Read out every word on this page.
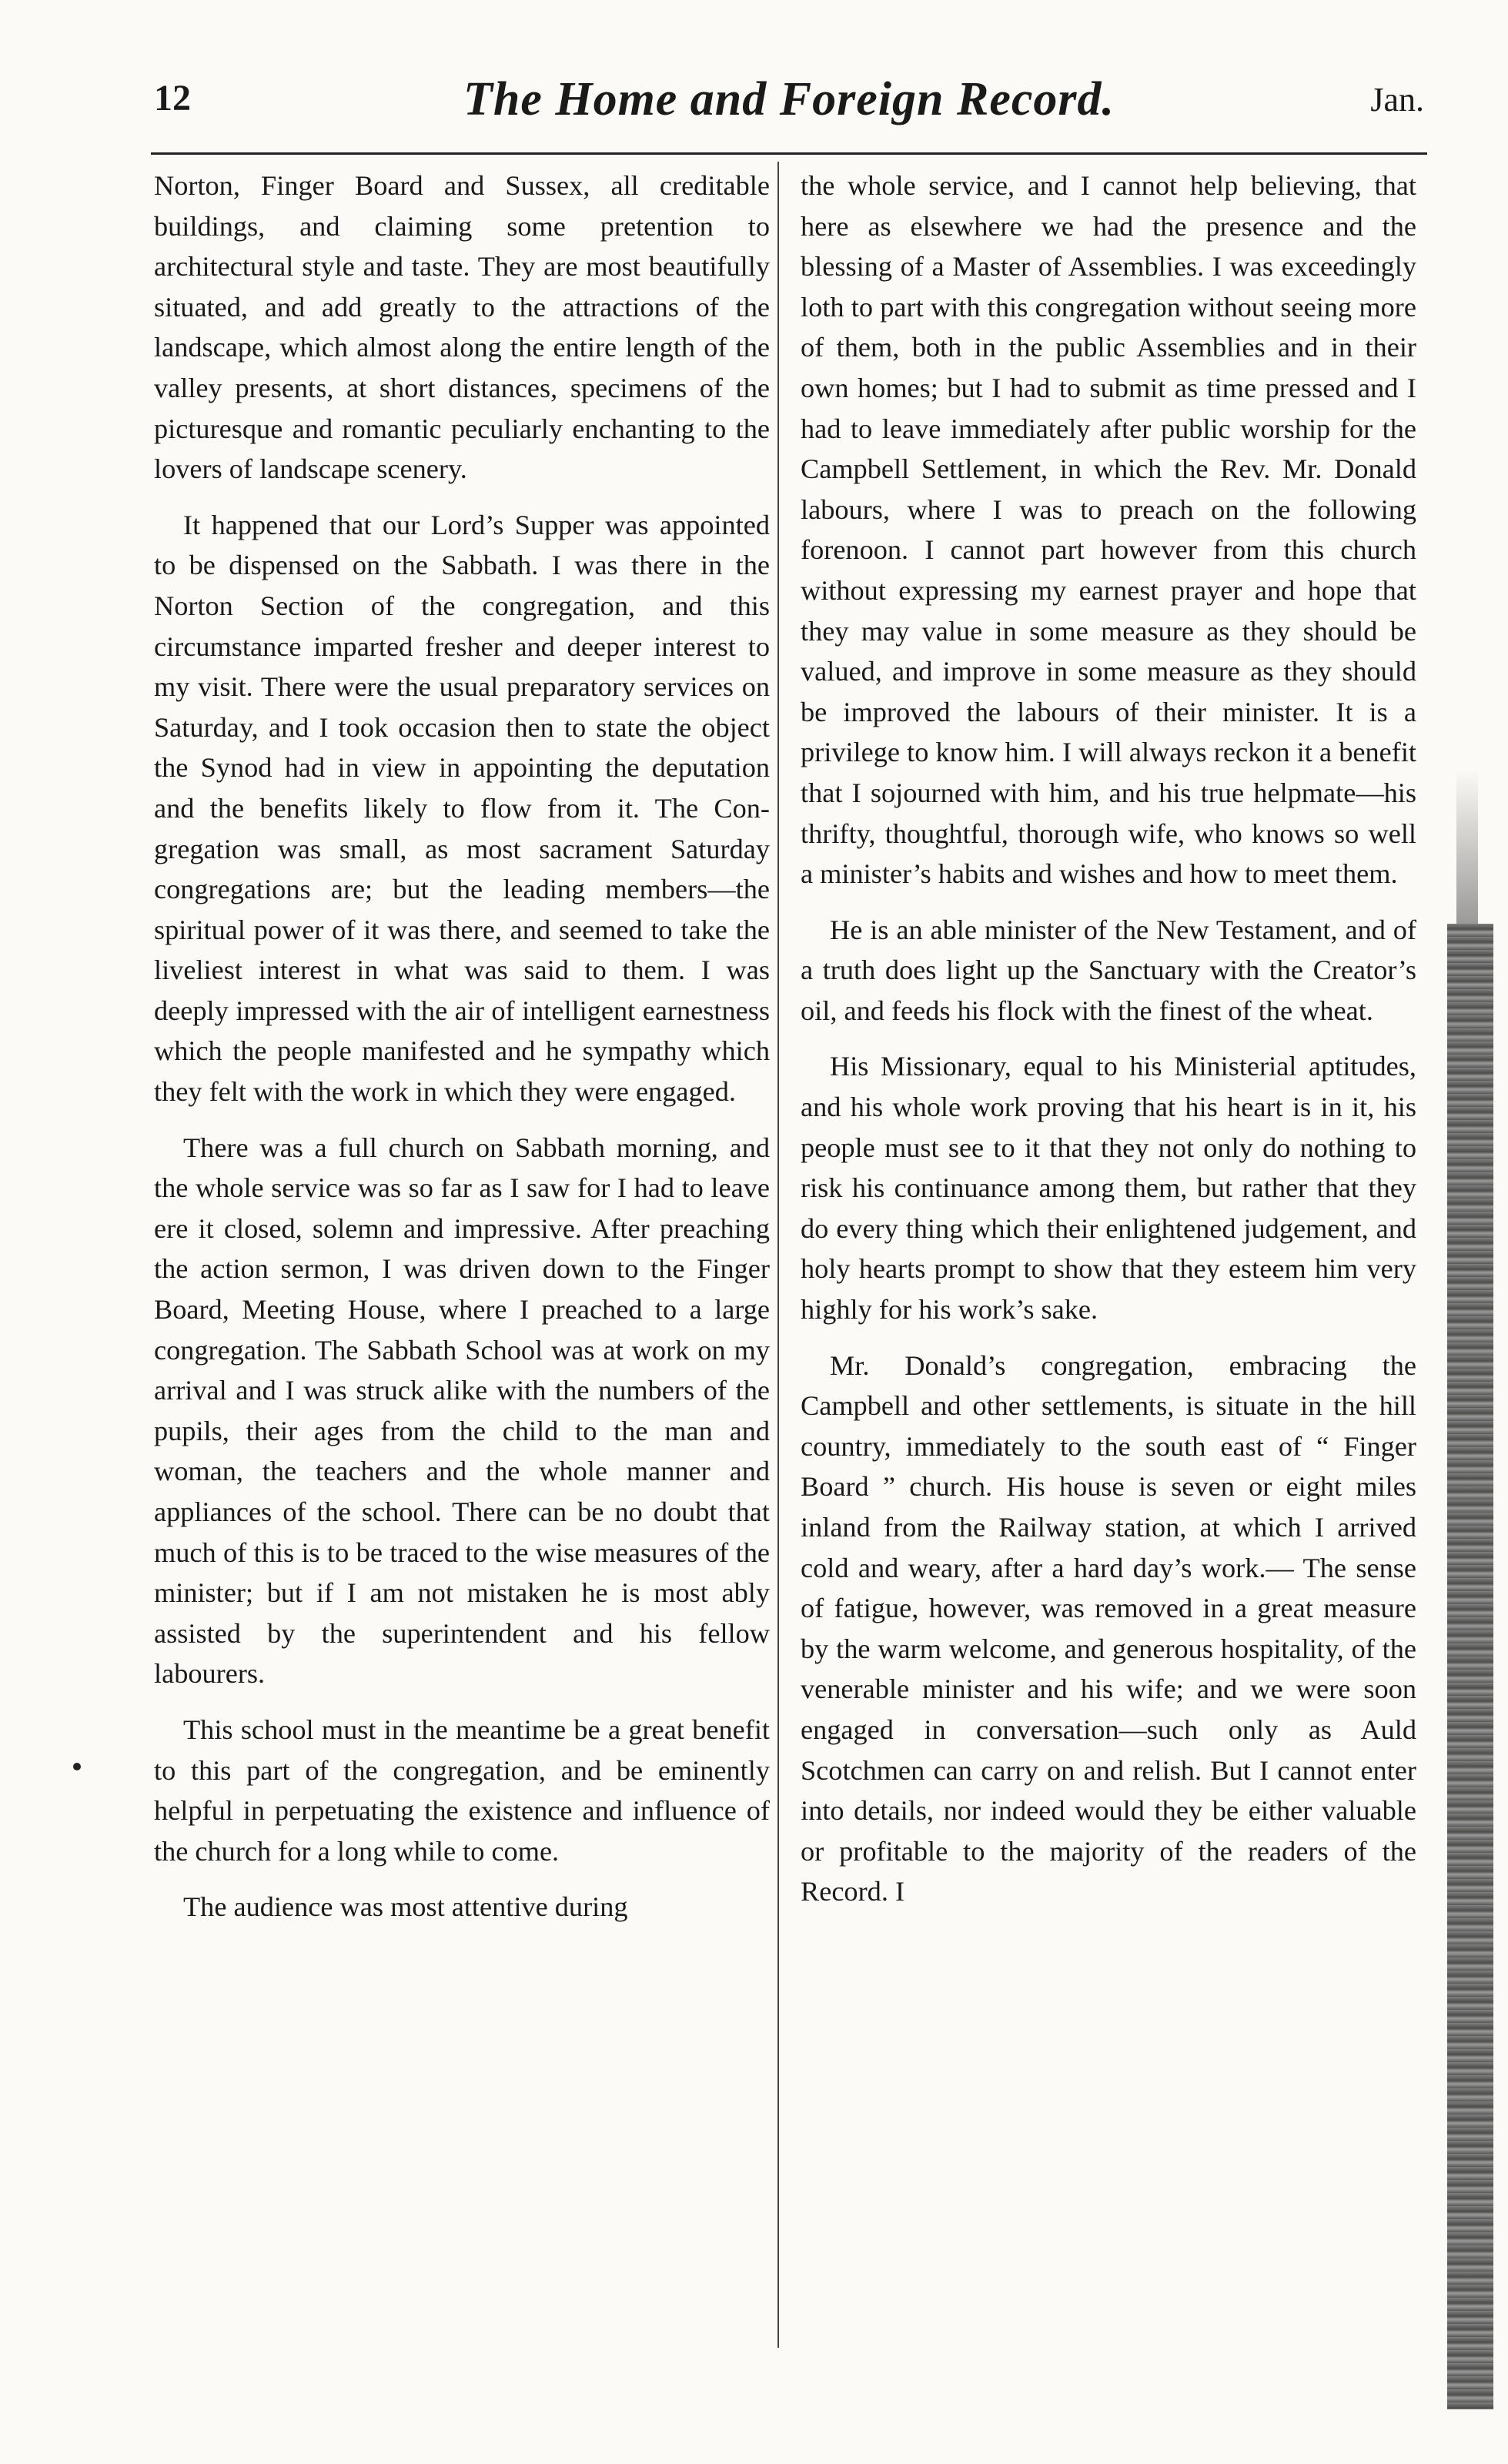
12	The Home and Foreign Record.	Jan.

Norton, Finger Board and Sussex, all creditable buildings, and claiming some pretention to architectural style and taste. They are most beautifully situated, and add greatly to the attractions of the landscape, which almost along the entire length of the valley presents, at short distances, specimens of the picturesque and romantic peculiarly enchanting to the lovers of landscape scenery.

It happened that our Lord’s Supper was appointed to be dispensed on the Sabbath. I was there in the Norton Section of the congregation, and this circumstance imparted fresher and deeper interest to my visit. There were the usual preparatory services on Saturday, and I took occasion then to state the object the Synod had in view in appointing the deputation and the benefits likely to flow from it. The Congregation was small, as most sacrament Saturday congregations are; but the leading members—the spiritual power of it was there, and seemed to take the liveliest interest in what was said to them. I was deeply impressed with the air of intelligent earnestness which the people manifested and he sympathy which they felt with the work in which they were engaged.

There was a full church on Sabbath morning, and the whole service was so far as I saw for I had to leave ere it closed, solemn and impressive. After preaching the action sermon, I was driven down to the Finger Board, Meeting House, where I preached to a large congregation. The Sabbath School was at work on my arrival and I was struck alike with the numbers of the pupils, their ages from the child to the man and woman, the teachers and the whole manner and appliances of the school. There can be no doubt that much of this is to be traced to the wise measures of the minister; but if I am not mistaken he is most ably assisted by the superintendent and his fellow labourers.

This school must in the meantime be a great benefit to this part of the congregation, and be eminently helpful in perpetuating the existence and influence of the church for a long while to come.

The audience was most attentive during

the whole service, and I cannot help believing, that here as elsewhere we had the presence and the blessing of a Master of Assemblies. I was exceedingly loth to part with this congregation without seeing more of them, both in the public Assemblies and in their own homes; but I had to submit as time pressed and I had to leave immediately after public worship for the Campbell Settlement, in which the Rev. Mr. Donald labours, where I was to preach on the following forenoon. I cannot part however from this church without expressing my earnest prayer and hope that they may value in some measure as they should be valued, and improve in some measure as they should be improved the labours of their minister. It is a privilege to know him. I will always reckon it a benefit that I sojourned with him, and his true helpmate—his thrifty, thoughtful, thorough wife, who knows so well a minister’s habits and wishes and how to meet them.

He is an able minister of the New Testament, and of a truth does light up the Sanctuary with the Creator’s oil, and feeds his flock with the finest of the wheat.

His Missionary, equal to his Ministerial aptitudes, and his whole work proving that his heart is in it, his people must see to it that they not only do nothing to risk his continuance among them, but rather that they do every thing which their enlightened judgement, and holy hearts prompt to show that they esteem him very highly for his work’s sake.

Mr. Donald’s congregation, embracing the Campbell and other settlements, is situate in the hill country, immediately to the south east of “ Finger Board ” church. His house is seven or eight miles inland from the Railway station, at which I arrived cold and weary, after a hard day’s work.— The sense of fatigue, however, was removed in a great measure by the warm welcome, and generous hospitality, of the venerable minister and his wife; and we were soon engaged in conversation—such only as Auld Scotchmen can carry on and relish. But I cannot enter into details, nor indeed would they be either valuable or profitable to the majority of the readers of the Record. I
